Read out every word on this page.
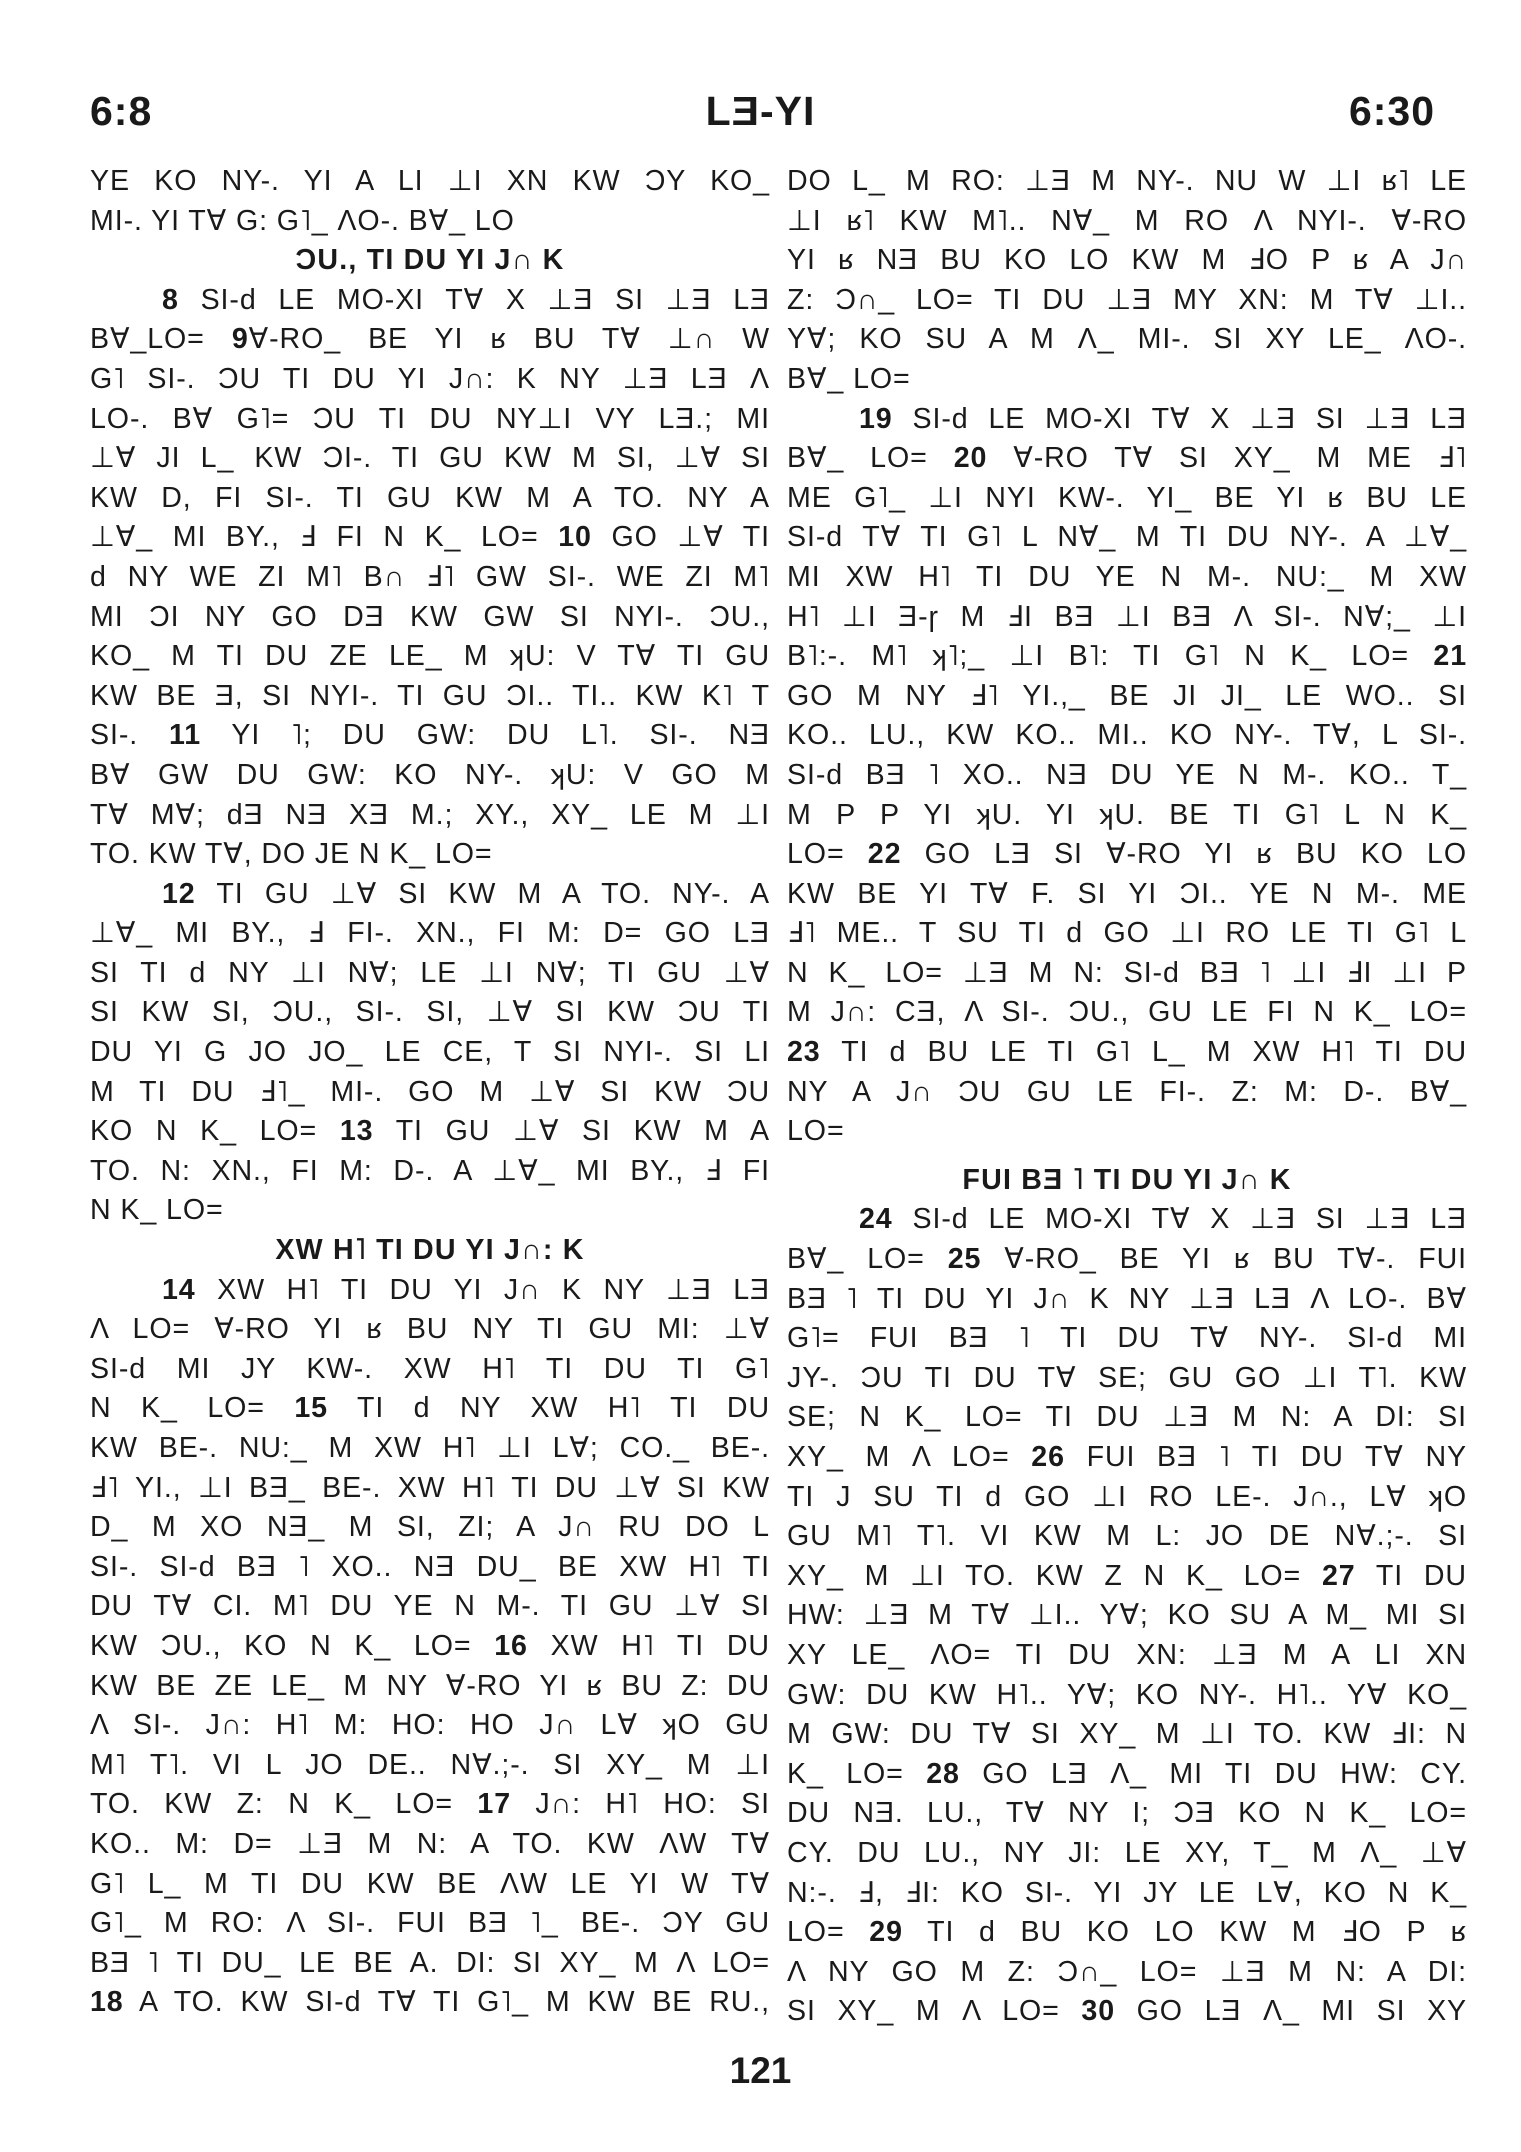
6:8	LƎ-YI	6:30
YE KO NY-. YI A LI ⊥I XN KW ƆY KO_
MI-. YI T∀ G: G˥_ ΛO-. B∀_ LO
ƆU., TI DU YI J∩ K
8 SI-d LE MO-XI T∀ X ⊥Ǝ SI ⊥Ǝ LƎ
B∀_LO= 9∀-RO_ BE YI ʁ BU T∀ ⊥∩ W
G˥ SI-. ƆU TI DU YI J∩: K NY ⊥Ǝ LƎ Λ
LO-. B∀ G˥= ƆU TI DU NY⊥I VY LƎ.; MI
⊥∀ JI L_ KW ƆI-. TI GU KW M SI, ⊥∀ SI
KW D, FI SI-. TI GU KW M A TO. NY A
⊥∀_ MI BY., Ⅎ FI N K_ LO= 10 GO ⊥∀ TI
d NY WE ZI M˥ B∩ Ⅎ˥ GW SI-. WE ZI M˥
MI ƆI NY GO DƎ KW GW SI NYI-. ƆU.,
KO_ M TI DU ZE LE_ M ʞU: V T∀ TI GU
KW BE Ǝ, SI NYI-. TI GU ƆI.. TI.. KW K˥ T
SI-. 11 YI ˥; DU GW: DU L˥. SI-. NƎ
B∀ GW DU GW: KO NY-. ʞU: V GO M
T∀ M∀; dƎ NƎ XƎ M.; XY., XY_ LE M ⊥I
TO. KW T∀, DO JE N K_ LO=
12 TI GU ⊥∀ SI KW M A TO. NY-. A
⊥∀_ MI BY., Ⅎ FI-. XN., FI M: D= GO LƎ
SI TI d NY ⊥I N∀; LE ⊥I N∀; TI GU ⊥∀
SI KW SI, ƆU., SI-. SI, ⊥∀ SI KW ƆU TI
DU YI G JO JO_ LE CE, T SI NYI-. SI LI
M TI DU Ⅎ˥_ MI-. GO M ⊥∀ SI KW ƆU
KO N K_ LO= 13 TI GU ⊥∀ SI KW M A
TO. N: XN., FI M: D-. A ⊥∀_ MI BY., Ⅎ FI
N K_ LO=
XW H˥ TI DU YI J∩: K
14 XW H˥ TI DU YI J∩ K NY ⊥Ǝ LƎ
Λ LO= ∀-RO YI ʁ BU NY TI GU MI: ⊥∀
SI-d MI JY KW-. XW H˥ TI DU TI G˥
N K_ LO= 15 TI d NY XW H˥ TI DU
KW BE-. NU:_ M XW H˥ ⊥I L∀; CO._ BE-.
Ⅎ˥ YI., ⊥I BƎ_ BE-. XW H˥ TI DU ⊥∀ SI KW
D_ M XO NƎ_ M SI, ZI; A J∩ RU DO L
SI-. SI-d BƎ ˥ XO.. NƎ DU_ BE XW H˥ TI
DU T∀ CI. M˥ DU YE N M-. TI GU ⊥∀ SI
KW ƆU., KO N K_ LO= 16 XW H˥ TI DU
KW BE ZE LE_ M NY ∀-RO YI ʁ BU Z: DU
Λ SI-. J∩: H˥ M: HO: HO J∩ L∀ ʞO GU
M˥ T˥. VI L JO DE.. N∀.;-. SI XY_ M ⊥I
TO. KW Z: N K_ LO= 17 J∩: H˥ HO: SI
KO.. M: D= ⊥Ǝ M N: A TO. KW ΛW T∀
G˥ L_ M TI DU KW BE ΛW LE YI W T∀
G˥_ M RO: Λ SI-. FUI BƎ ˥_ BE-. ƆY GU
BƎ ˥ TI DU_ LE BE A. DI: SI XY_ M Λ LO=
18 A TO. KW SI-d T∀ TI G˥_ M KW BE RU.,
DO L_ M RO: ⊥Ǝ M NY-. NU W ⊥I ʁ˥ LE
⊥I ʁ˥ KW M˥.. N∀_ M RO Λ NYI-. ∀-RO
YI ʁ NƎ BU KO LO KW M ℲO P ʁ A J∩
Z: Ɔ∩_ LO= TI DU ⊥Ǝ MY XN: M T∀ ⊥I..
Y∀; KO SU A M Λ_ MI-. SI XY LE_ ΛO-.
B∀_ LO=
19 SI-d LE MO-XI T∀ X ⊥Ǝ SI ⊥Ǝ LƎ
B∀_ LO= 20 ∀-RO T∀ SI XY_ M ME Ⅎ˥
ME G˥_ ⊥I NYI KW-. YI_ BE YI ʁ BU LE
SI-d T∀ TI G˥ L N∀_ M TI DU NY-. A ⊥∀_
MI XW H˥ TI DU YE N M-. NU:_ M XW
H˥ ⊥I Ǝ-ɼ M ℲI BƎ ⊥I BƎ Λ SI-. N∀;_ ⊥I
B˥:-. M˥ ʞ˥;_ ⊥I B˥: TI G˥ N K_ LO= 21
GO M NY Ⅎ˥ YI.,_ BE JI JI_ LE WO.. SI
KO.. LU., KW KO.. MI.. KO NY-. T∀, L SI-.
SI-d BƎ ˥ XO.. NƎ DU YE N M-. KO.. T_
M P P YI ʞU. YI ʞU. BE TI G˥ L N K_
LO= 22 GO LƎ SI ∀-RO YI ʁ BU KO LO
KW BE YI T∀ F. SI YI ƆI.. YE N M-. ME
Ⅎ˥ ME.. T SU TI d GO ⊥I RO LE TI G˥ L
N K_ LO= ⊥Ǝ M N: SI-d BƎ ˥ ⊥I ℲI ⊥I P
M J∩: CƎ, Λ SI-. ƆU., GU LE FI N K_ LO=
23 TI d BU LE TI G˥ L_ M XW H˥ TI DU
NY A J∩ ƆU GU LE FI-. Z: M: D-. B∀_
LO=
FUI BƎ ˥ TI DU YI J∩ K
24 SI-d LE MO-XI T∀ X ⊥Ǝ SI ⊥Ǝ LƎ
B∀_ LO= 25 ∀-RO_ BE YI ʁ BU T∀-. FUI
BƎ ˥ TI DU YI J∩ K NY ⊥Ǝ LƎ Λ LO-. B∀
G˥= FUI BƎ ˥ TI DU T∀ NY-. SI-d MI
JY-. ƆU TI DU T∀ SE; GU GO ⊥I T˥. KW
SE; N K_ LO= TI DU ⊥Ǝ M N: A DI: SI
XY_ M Λ LO= 26 FUI BƎ ˥ TI DU T∀ NY
TI J SU TI d GO ⊥I RO LE-. J∩., L∀ ʞO
GU M˥ T˥. VI KW M L: JO DE N∀.;-. SI
XY_ M ⊥I TO. KW Z N K_ LO= 27 TI DU
HW: ⊥Ǝ M T∀ ⊥I.. Y∀; KO SU A M_ MI SI
XY LE_ ΛO= TI DU XN: ⊥Ǝ M A LI XN
GW: DU KW H˥.. Y∀; KO NY-. H˥.. Y∀ KO_
M GW: DU T∀ SI XY_ M ⊥I TO. KW ℲI: N
K_ LO= 28 GO LƎ Λ_ MI TI DU HW: CY.
DU NƎ. LU., T∀ NY I; ƆƎ KO N K_ LO=
CY. DU LU., NY JI: LE XY, T_ M Λ_ ⊥∀
N:-. Ⅎ, ℲI: KO SI-. YI JY LE L∀, KO N K_
LO= 29 TI d BU KO LO KW M ℲO P ʁ
Λ NY GO M Z: Ɔ∩_ LO= ⊥Ǝ M N: A DI:
SI XY_ M Λ LO= 30 GO LƎ Λ_ MI SI XY
121
